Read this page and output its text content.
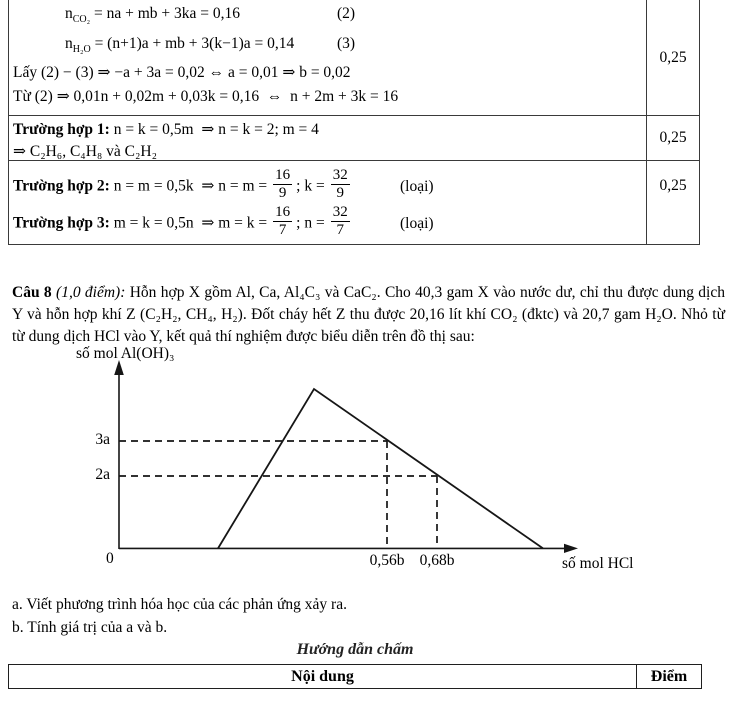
$n_{CO_2}$ = na + mb + 3ka = 0,16	(2)
$n_{H_2O} = (n+1)a$ + mb + 3(k−1)a = 0,14	(3)
Lấy (2) − (3) ⇒ −a + 3a = 0,02 ⇔ a = 0,01 ⇒ b = 0,02
Từ (2) ⇒ 0,01n + 0,02m + 0,03k = 0,16  ⇔  n + 2m + 3k = 16
0,25
Trường hợp 1: n = k = 0,5m  ⇒ n = k = 2; m = 4
⇒ C₂H₆, C₄H₈ và C₂H₂
0,25
Trường hợp 2: n = m = 0,5k  ⇒ $n = m = \frac{16}{9}$ ; $k = \frac{32}{9}$	(loại)
Trường hợp 3: m = k = 0,5n  ⇒ $m = k = \frac{16}{7}$ ; $n = \frac{32}{7}$	(loại)
0,25

Câu 8 (1,0 điểm): Hỗn hợp X gồm Al, Ca, Al₄C₃ và CaC₂. Cho 40,3 gam X vào nước dư, chỉ thu được dung dịch Y và hỗn hợp khí Z (C₂H₂, CH₄, H₂). Đốt cháy hết Z thu được 20,16 lít khí CO₂ (đktc) và 20,7 gam H₂O. Nhỏ từ từ dung dịch HCl vào Y, kết quả thí nghiệm được biểu diễn trên đồ thị sau:

số mol Al(OH)₃
0
3a
2a
0,56b 0,68b	số mol HCl
a. Viết phương trình hóa học của các phản ứng xảy ra.
b. Tính giá trị của a và b.
Hướng dẫn chấm
Nội dung	Điểm
